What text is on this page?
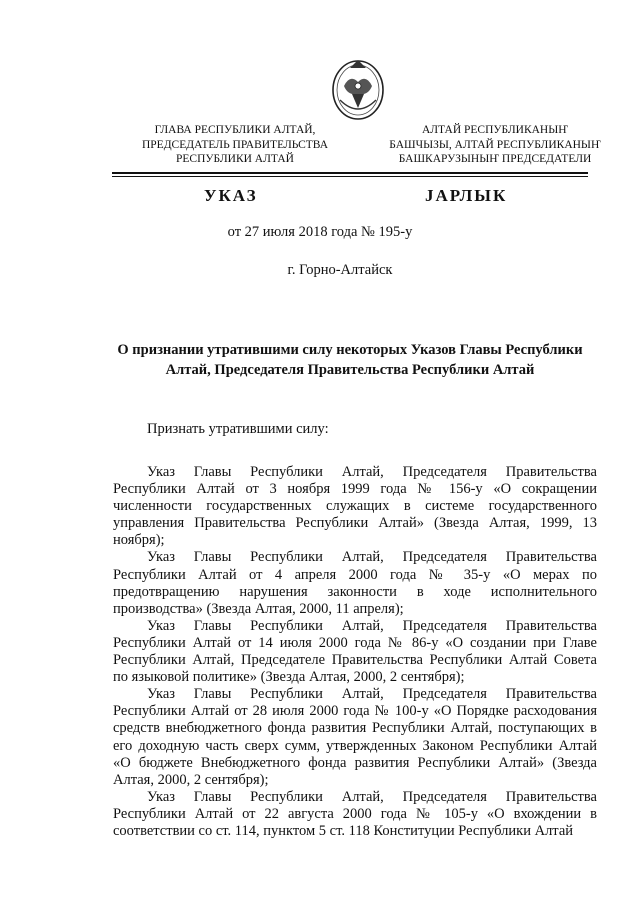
ГЛАВА РЕСПУБЛИКИ АЛТАЙ,
ПРЕДСЕДАТЕЛЬ ПРАВИТЕЛЬСТВА
РЕСПУБЛИКИ АЛТАЙ
АЛТАЙ РЕСПУБЛИКАНЫҤ
БАШЧЫЗЫ, АЛТАЙ РЕСПУБЛИКАНЫҤ
БАШКАРУЗЫНЫҤ ПРЕДСЕДАТЕЛИ
УКАЗ	JАРЛЫК
от 27 июля 2018 года № 195-у
г. Горно-Алтайск
О признании утратившими силу некоторых Указов Главы Республики Алтай, Председателя Правительства Республики Алтай
Признать утратившими силу:

Указ Главы Республики Алтай, Председателя Правительства Республики Алтай от 3 ноября 1999 года № 156-у «О сокращении численности государственных служащих в системе государственного управления Правительства Республики Алтай» (Звезда Алтая, 1999, 13 ноября);

Указ Главы Республики Алтай, Председателя Правительства Республики Алтай от 4 апреля 2000 года № 35-у «О мерах по предотвращению нарушения законности в ходе исполнительного производства» (Звезда Алтая, 2000, 11 апреля);

Указ Главы Республики Алтай, Председателя Правительства Республики Алтай от 14 июля 2000 года № 86-у «О создании при Главе Республики Алтай, Председателе Правительства Республики Алтай Совета по языковой политике» (Звезда Алтая, 2000, 2 сентября);

Указ Главы Республики Алтай, Председателя Правительства Республики Алтай от 28 июля 2000 года № 100-у «О Порядке расходования средств внебюджетного фонда развития Республики Алтай, поступающих в его доходную часть сверх сумм, утвержденных Законом Республики Алтай «О бюджете Внебюджетного фонда развития Республики Алтай» (Звезда Алтая, 2000, 2 сентября);

Указ Главы Республики Алтай, Председателя Правительства Республики Алтай от 22 августа 2000 года № 105-у «О вхождении в соответствии со ст. 114, пунктом 5 ст. 118 Конституции Республики Алтай
